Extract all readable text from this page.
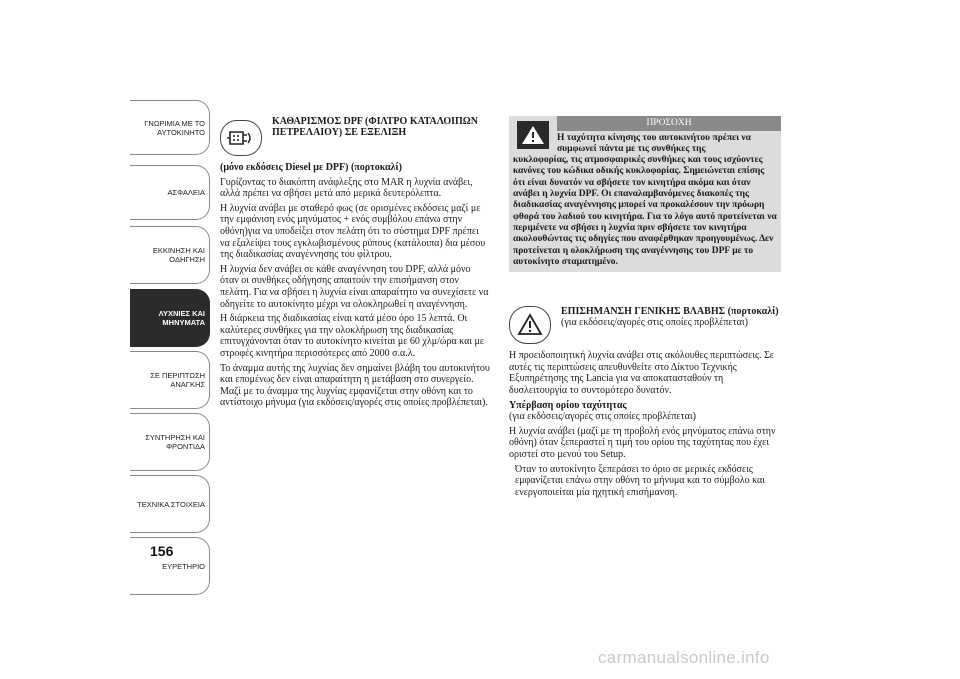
ΓΝΩΡΙΜΙΑ ΜΕ ΤΟ
ΑΥΤΟΚΙΝΗΤΟ
ΑΣΦΑΛΕΙΑ
ΕΚΚΙΝΗΣΗ ΚΑΙ
ΟΔΗΓΗΣΗ
ΛΥΧΝΙΕΣ ΚΑΙ
ΜΗΝΥΜΑΤΑ
ΣΕ ΠΕΡΙΠΤΩΣΗ
ΑΝΑΓΚΗΣ
ΣΥΝΤΗΡΗΣΗ ΚΑΙ
ΦΡΟΝΤΙΔΑ
ΤΕΧΝΙΚΑ ΣΤΟΙΧΕΙΑ
ΕΥΡΕΤΗΡΙΟ
156
ΚΑΘΑΡΙΣΜΟΣ DPF (ΦΙΛΤΡΟ ΚΑΤΑΛΟΙΠΩΝ ΠΕΤΡΕΛΑΙΟΥ) ΣΕ ΕΞΕΛΙΞΗ

(μόνο εκδόσεις Diesel με DPF) (πορτοκαλί)

Γυρίζοντας το διακόπτη ανάφλεξης στο MAR η λυχνία ανάβει, αλλά πρέπει να σβήσει μετά από μερικά δευτερόλεπτα.

Η λυχνία ανάβει με σταθερό φως (σε ορισμένες εκδόσεις μαζί με την εμφάνιση ενός μηνύματος + ενός συμβόλου επάνω στην οθόνη)για να υποδείξει στον πελάτη ότι το σύστημα DPF πρέπει να εξαλείψει τους εγκλωβισμένους ρύπους (κατάλοιπα) δια μέσου της διαδικασίας αναγέννησης του φίλτρου.

Η λυχνία δεν ανάβει σε κάθε αναγέννηση του DPF, αλλά μόνο όταν οι συνθήκες οδήγησης απαιτούν την επισήμανση στον πελάτη. Για να σβήσει η λυχνία είναι απαραίτητο να συνεχίσετε να οδηγείτε το αυτοκίνητο μέχρι να ολοκληρωθεί η αναγέννηση.

Η διάρκεια της διαδικασίας είναι κατά μέσο όρο 15 λεπτά. Οι καλύτερες συνθήκες για την ολοκλήρωση της διαδικασίας επιτυγχάνονται όταν το αυτοκίνητο κινείται με 60 χλμ/ώρα και με στροφές κινητήρα περισσότερες από 2000 σ.α.λ.

Το άναμμα αυτής της λυχνίας δεν σημαίνει βλάβη του αυτοκινήτου και επομένως δεν είναι απαραίτητη η μετάβαση στο συνεργείο. Μαζί με το άναμμα της λυχνίας εμφανίζεται στην οθόνη και το αντίστοιχο μήνυμα (για εκδόσεις/αγορές στις οποίες προβλέπεται).

ΠΡΟΣΟΧΗ
Η ταχύτητα κίνησης του αυτοκινήτου πρέπει να συμφωνεί πάντα με τις συνθήκες της
κυκλοφορίας, τις ατμοσφαιρικές συνθήκες και τους ισχύοντες κανόνες του κώδικα οδικής κυκλοφορίας. Σημειώνεται επίσης ότι είναι δυνατόν να σβήσετε τον κινητήρα ακόμα και όταν ανάβει η λυχνία DPF. Οι επαναλαμβανόμενες διακοπές της διαδικασίας αναγέννησης μπορεί να προκαλέσουν την πρόωρη φθορά του λαδιού του κινητήρα. Για το λόγο αυτό προτείνεται να περιμένετε να σβήσει η λυχνία πριν σβήσετε τον κινητήρα ακολουθώντας τις οδηγίες που αναφέρθηκαν προηγουμένως. Δεν προτείνεται η ολοκλήρωση της αναγέννησης του DPF με το αυτοκίνητο σταματημένο.
ΕΠΙΣΗΜΑΝΣΗ ΓΕΝΙΚΗΣ ΒΛΑΒΗΣ (πορτοκαλί)
(για εκδόσεις/αγορές στις οποίες προβλέπεται)

Η προειδοποιητική λυχνία ανάβει στις ακόλουθες περιπτώσεις. Σε αυτές τις περιπτώσεις απευθυνθείτε στο Δίκτυο Τεχνικής Εξυπηρέτησης της Lancia για να αποκατασταθούν τη δυσλειτουργία το συντομότερο δυνατόν.

Υπέρβαση ορίου ταχύτητας

(για εκδόσεις/αγορές στις οποίες προβλέπεται)

Η λυχνία ανάβει (μαζί με τη προβολή ενός μηνύματος επάνω στην οθόνη) όταν ξεπεραστεί η τιμή του ορίου της ταχύτητας που έχει οριστεί στο μενού του Setup.

Όταν το αυτοκίνητο ξεπεράσει το όριο σε μερικές εκδόσεις εμφανίζεται επάνω στην οθόνη το μήνυμα και το σύμβολο και ενεργοποιείται μία ηχητική επισήμανση.

carmanualsonline.info
